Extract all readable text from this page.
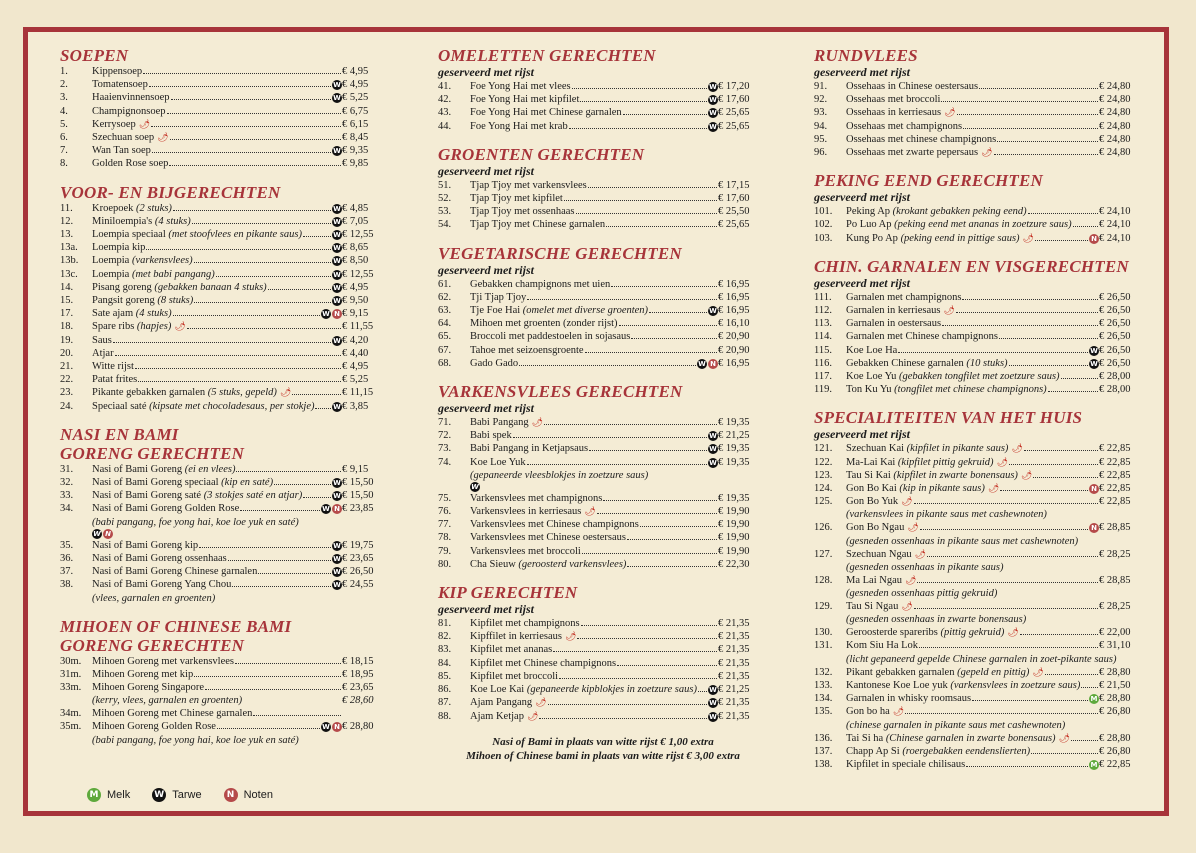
SOEPEN
1.	Kippensoep	€ 4,95
2.	Tomatensoep	W € 4,95
3.	Haaienvinnensoep	W € 5,25
4.	Champignonsoep	€ 6,75
5.	Kerrysoep 🌶	€ 6,15
6.	Szechuan soep 🌶	€ 8,45
7.	Wan Tan soep	W € 9,35
8.	Golden Rose soep	€ 9,85
VOOR- EN BIJGERECHTEN
11.	Kroepoek (2 stuks)	W € 4,85
12.	Miniloempia's (4 stuks)	W € 7,05
13.	Loempia speciaal (met stoofvlees en pikante saus)	W € 12,55
13a.	Loempia kip	W € 8,65
13b.	Loempia (varkensvlees)	W € 8,50
13c.	Loempia (met babi pangang)	W € 12,55
14.	Pisang goreng (gebakken banaan 4 stuks)	W € 4,95
15.	Pangsit goreng (8 stuks)	W € 9,50
17.	Sate ajam (4 stuks)	W N € 9,15
18.	Spare ribs (hapjes) 🌶	€ 11,55
19.	Saus	W € 4,20
20.	Atjar	€ 4,40
21.	Witte rijst	€ 4,95
22.	Patat frites	€ 5,25
23.	Pikante gebakken garnalen (5 stuks, gepeld) 🌶	€ 11,15
24.	Speciaal saté (kipsate met chocoladesaus, per stokje)	W € 3,85
NASI EN BAMI
GORENG GERECHTEN
31.	Nasi of Bami Goreng (ei en vlees)	€ 9,15
32.	Nasi of Bami Goreng speciaal (kip en saté)	W € 15,50
33.	Nasi of Bami Goreng saté (3 stokjes saté en atjar)	W € 15,50
34.	Nasi of Bami Goreng Golden Rose	W N € 23,85
(babi pangang, foe yong hai, koe loe yuk en saté)
W N
35.	Nasi of Bami Goreng kip	W € 19,75
36.	Nasi of Bami Goreng ossenhaas	W € 23,65
37.	Nasi of Bami Goreng Chinese garnalen	W € 26,50
38.	Nasi of Bami Goreng Yang Chou	W € 24,55
(vlees, garnalen en groenten)
MIHOEN OF CHINESE BAMI
GORENG GERECHTEN
30m.	Mihoen Goreng met varkensvlees	€ 18,15
31m.	Mihoen Goreng met kip	€ 18,95
33m.	Mihoen Goreng Singapore	€ 23,65
(kerry, vlees, garnalen en groenten)	€ 28,60
34m.	Mihoen Goreng met Chinese garnalen
35m.	Mihoen Goreng Golden Rose	W N € 28,80
(babi pangang, foe yong hai, koe loe yuk en saté)
OMELETTEN GERECHTEN
geserveerd met rijst
41.	Foe Yong Hai met vlees	W € 17,20
42.	Foe Yong Hai met kipfilet	W € 17,60
43.	Foe Yong Hai met Chinese garnalen	W € 25,65
44.	Foe Yong Hai met krab	W € 25,65
GROENTEN GERECHTEN
geserveerd met rijst
51.	Tjap Tjoy met varkensvlees	€ 17,15
52.	Tjap Tjoy met kipfilet	€ 17,60
53.	Tjap Tjoy met ossenhaas	€ 25,50
54.	Tjap Tjoy met Chinese garnalen	€ 25,65
VEGETARISCHE GERECHTEN
geserveerd met rijst
61.	Gebakken champignons met uien	€ 16,95
62.	Tji Tjap Tjoy	€ 16,95
63.	Tje Foe Hai (omelet met diverse groenten)	W € 16,95
64.	Mihoen met groenten (zonder rijst)	€ 16,10
65.	Broccoli met paddestoelen in sojasaus	€ 20,90
67.	Tahoe met seizoensgroente	€ 20,90
68.	Gado Gado	W N € 16,95
VARKENSVLEES GERECHTEN
geserveerd met rijst
71.	Babi Pangang 🌶	€ 19,35
72.	Babi spek	W € 21,25
73.	Babi Pangang in Ketjapsaus	W € 19,35
74.	Koe Loe Yuk	W € 19,35
(gepaneerde vleesblokjes in zoetzure saus)
W
75.	Varkensvlees met champignons	€ 19,35
76.	Varkensvlees in kerriesaus 🌶	€ 19,90
77.	Varkensvlees met Chinese champignons	€ 19,90
78.	Varkensvlees met Chinese oestersaus	€ 19,90
79.	Varkensvlees met broccoli	€ 19,90
80.	Cha Sieuw (geroosterd varkensvlees)	€ 22,30
KIP GERECHTEN
geserveerd met rijst
81.	Kipfilet met champignons	€ 21,35
82.	Kipffilet in kerriesaus 🌶	€ 21,35
83.	Kipfilet met ananas	€ 21,35
84.	Kipfilet met Chinese champignons	€ 21,35
85.	Kipfilet met broccoli	€ 21,35
86.	Koe Loe Kai (gepaneerde kipblokjes in zoetzure saus) W € 21,25
87.	Ajam Pangang 🌶	W € 21,35
88.	Ajam Ketjap 🌶	W € 21,35
Nasi of Bami in plaats van witte rijst € 1,00 extra
Mihoen of Chinese bami in plaats van witte rijst € 3,00 extra
RUNDVLEES
geserveerd met rijst
91.	Ossehaas in Chinese oestersaus	€ 24,80
92.	Ossehaas met broccoli	€ 24,80
93.	Ossehaas in kerriesaus 🌶	€ 24,80
94.	Ossehaas met champignons	€ 24,80
95.	Ossehaas met chinese champignons	€ 24,80
96.	Ossehaas met zwarte pepersaus 🌶	€ 24,80
PEKING EEND GERECHTEN
geserveerd met rijst
101.	Peking Ap (krokant gebakken peking eend)	€ 24,10
102.	Po Luo Ap (peking eend met ananas in zoetzure saus)	€ 24,10
103.	Kung Po Ap (peking eend in pittige saus) 🌶	N € 24,10
CHIN. GARNALEN EN VISGERECHTEN
geserveerd met rijst
111.	Garnalen met champignons	€ 26,50
112.	Garnalen in kerriesaus 🌶	€ 26,50
113.	Garnalen in oestersaus	€ 26,50
114.	Garnalen met Chinese champignons	€ 26,50
115.	Koe Loe Ha	W € 26,50
116.	Gebakken Chinese garnalen (10 stuks)	W € 26,50
117.	Koe Loe Yu (gebakken tongfilet met zoetzure saus)	€ 28,00
119.	Ton Ku Yu (tongfilet met chinese champignons)	€ 28,00
SPECIALITEITEN VAN HET HUIS
geserveerd met rijst
121.	Szechuan Kai (kipfilet in pikante saus) 🌶	€ 22,85
122.	Ma-Lai Kai (kipfilet pittig gekruid) 🌶	€ 22,85
123.	Tau Si Kai (kipfilet in zwarte bonensaus) 🌶	€ 22,85
124.	Gon Bo Kai (kip in pikante saus) 🌶	N € 22,85
125.	Gon Bo Yuk 🌶	€ 22,85
(varkensvlees in pikante saus met cashewnoten)
126.	Gon Bo Ngau 🌶	N € 28,85
(gesneden ossenhaas in pikante saus met cashewnoten)
127.	Szechuan Ngau 🌶	€ 28,25
(gesneden ossenhaas in pikante saus)
128.	Ma Lai Ngau 🌶	€ 28,85
(gesneden ossenhaas pittig gekruid)
129.	Tau Si Ngau 🌶	€ 28,25
(gesneden ossenhaas in zwarte bonensaus)
130.	Geroosterde spareribs (pittig gekruid) 🌶	€ 22,00
131.	Kom Siu Ha Lok	€ 31,10
(licht gepaneerd gepelde Chinese garnalen in zoet-pikante saus)
132.	Pikant gebakken garnalen (gepeld en pittig) 🌶	€ 28,80
133.	Kantonese Koe Loe yuk (varkensvlees in zoetzure saus) € 21,50
134.	Garnalen in whisky roomsaus	M € 28,80
135.	Gon bo ha 🌶	€ 26,80
(chinese garnalen in pikante saus met cashewnoten)
136.	Tai Si ha (Chinese garnalen in zwarte bonensaus) 🌶	€ 28,80
137.	Chapp Ap Si (roergebakken eendenslierten)	€ 26,80
138.	Kipfilet in speciale chilisaus	M € 22,85
M Melk	W Tarwe	N Noten
